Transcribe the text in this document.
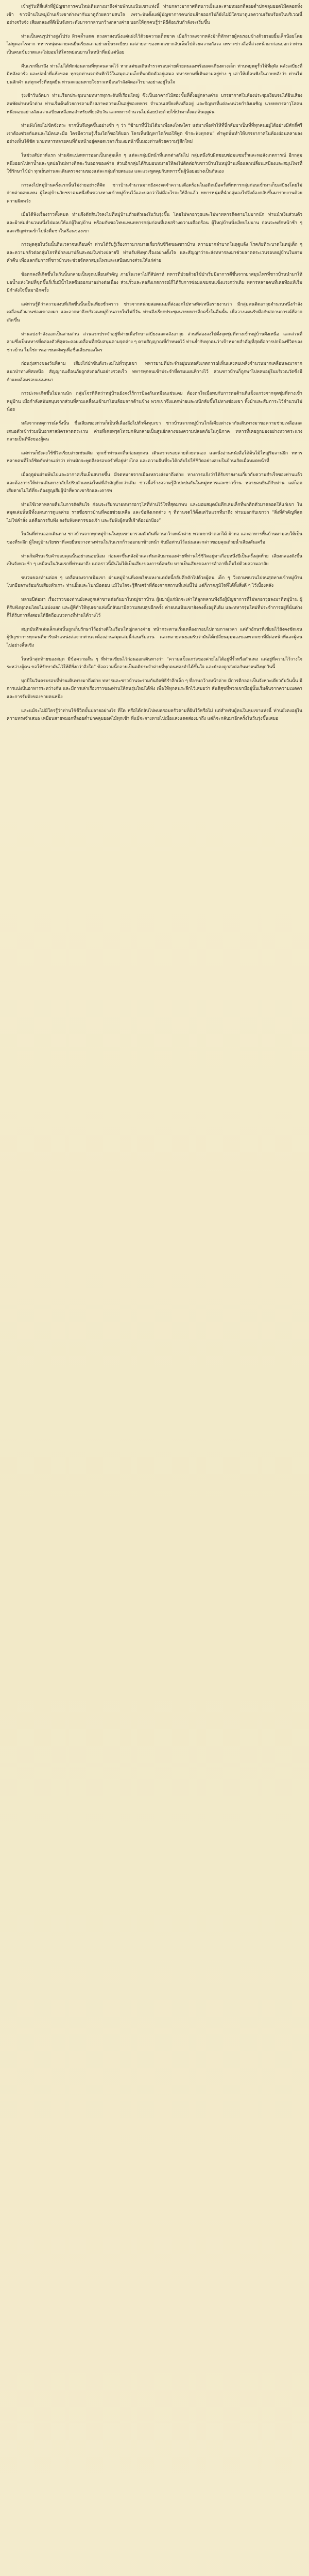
เข้าสู่วันที่สี่แล้วที่ผู้บัญชาการคนใหม่เดินทางมาถึงค่ายพักบนเนินเขาแห่งนี้ ท่ามกลางอากาศที่หนาวเย็นและสายหมอกที่ลอยต่ำปกคลุมยอดไม้ตลอดทั้งเช้า ชาวบ้านในหมู่บ้านเชิงเขาต่างพากันมาดูด้วยความสนใจ เพราะนับตั้งแต่ผู้บัญชาการคนก่อนย้ายออกไปก็ยังไม่มีใครมาดูแลความเรียบร้อยในบริเวณนี้อย่างจริงจัง เสียงกลองที่ตีเป็นจังหวะดังมาจากลานกว้างกลางค่าย บอกให้ทุกคนรู้ว่าพิธีต้อนรับกำลังจะเริ่มขึ้น

ท่านเป็นคนรูปร่างสูงโปร่ง ผิวคล้ำแดด ดวงตาสงบนิ่งแต่แฝงไว้ด้วยความเด็ดขาด เมื่อก้าวลงจากหลังม้าก็ทักทายผู้คนรอบข้างด้วยรอยยิ้มเล็กน้อยโดยไม่พูดอะไรมาก ทหารหนุ่มหลายคนยืนเรียงแถวอย่างเป็นระเบียบ แต่สายตาของพวกเขากลับเต็มไปด้วยความกังวล เพราะข่าวลือที่ล่วงหน้ามาก่อนบอกว่าท่านเป็นคนเข้มงวดและไม่ยอมให้ใครหย่อนยานในหน้าที่แม้แต่น้อย

คืนแรกที่มาถึง ท่านไม่ได้พักผ่อนตามที่ทุกคนคาดไว้ หากแต่ขอเดินสำรวจรอบค่ายด้วยตนเองพร้อมตะเกียงดวงเล็ก ท่านหยุดดูรั้วไม้ที่ผุพัง คลังเสบียงที่มีหลังคารั่ว และบ่อน้ำที่แห้งขอด ทุกจุดท่านจดบันทึกไว้ในสมุดเล่มเล็กที่พกติดตัวอยู่เสมอ ทหารยามที่เดินตามอยู่ห่าง ๆ เล่าให้เพื่อนฟังในภายหลังว่า ท่านไม่บ่นสักคำ แต่ทุกครั้งที่หยุดยืน ท่านจะถอนหายใจยาวเหมือนกำลังคิดอะไรบางอย่างอยู่ในใจ

รุ่งเช้าวันถัดมา ท่านเรียกประชุมนายทหารทุกระดับที่เรือนใหญ่ ซึ่งเป็นอาคารไม้สองชั้นที่ตั้งอยู่กลางค่าย บรรยากาศในห้องประชุมเงียบจนได้ยินเสียงลมพัดผ่านหน้าต่าง ท่านเริ่มต้นด้วยการถามถึงสภาพความเป็นอยู่ของทหาร จำนวนเสบียงที่เหลืออยู่ และปัญหาที่แต่ละหน่วยกำลังเผชิญ นายทหารอาวุโสคนหนึ่งตอบอย่างลังเลว่าเสบียงเหลือพอสำหรับเพียงสิบวัน และทหารจำนวนไม่น้อยป่วยด้วยไข้ป่ามาตั้งแต่ต้นฤดูฝน

ท่านฟังโดยไม่ขัดจังหวะ จากนั้นจึงพูดขึ้นอย่างช้า ๆ ว่า “ข้ามาที่นี่ไม่ได้มาเพื่อลงโทษใคร แต่มาเพื่อทำให้ที่นี่กลับมาเป็นที่ที่ทุกคนอยู่ได้อย่างมีศักดิ์ศรี เราต้องช่วยกันคนละไม้คนละมือ ใครมีความรู้เรื่องใดก็ขอให้บอก ใครเห็นปัญหาใดก็ขอให้พูด ข้าจะฟังทุกคน” คำพูดนั้นทำให้บรรยากาศในห้องผ่อนคลายลงอย่างเห็นได้ชัด นายทหารหลายคนที่ก้มหน้าอยู่ตลอดเวลาเริ่มเงยหน้าขึ้นมองท่านด้วยความรู้สึกใหม่

ในช่วงสัปดาห์แรก ท่านจัดแบ่งทหารออกเป็นกลุ่มเล็ก ๆ แต่ละกลุ่มมีหน้าที่แตกต่างกันไป กลุ่มหนึ่งรับผิดชอบซ่อมแซมรั้วและหอสังเกตการณ์ อีกกลุ่มหนึ่งออกไปหาน้ำและขุดบ่อใหม่ทางทิศตะวันออกของค่าย ส่วนอีกกลุ่มได้รับมอบหมายให้ลงไปติดต่อกับชาวบ้านในหมู่บ้านเพื่อแลกเปลี่ยนเสบียงและสมุนไพรที่ใช้รักษาไข้ป่า ทุกเย็นท่านจะเดินตรวจงานของแต่ละกลุ่มด้วยตนเอง และแวะพูดคุยกับทหารชั้นผู้น้อยอย่างเป็นกันเอง

การลงไปหมู่บ้านครั้งแรกนั้นไม่ง่ายอย่างที่คิด ชาวบ้านจำนวนมากยังคงจดจำความเดือดร้อนในอดีตเมื่อครั้งที่ทหารกลุ่มก่อนเข้ามาเก็บเสบียงโดยไม่จ่ายค่าตอบแทน ผู้ใหญ่บ้านวัยชราคนหนึ่งยืนขวางทางเข้าหมู่บ้านไว้และบอกว่าไม่มีอะไรจะให้อีกแล้ว ทหารหนุ่มที่นำกลุ่มลงไปจึงต้องกลับขึ้นมารายงานด้วยความผิดหวัง

เมื่อได้ฟังเรื่องราวทั้งหมด ท่านจึงตัดสินใจลงไปที่หมู่บ้านด้วยตัวเองในวันรุ่งขึ้น โดยไม่พกอาวุธและไม่พาทหารติดตามไปมากนัก ท่านนำเงินส่วนตัวและผ้าห่มจำนวนหนึ่งไปมอบให้แก่ผู้ใหญ่บ้าน พร้อมกับขอโทษแทนทหารกลุ่มก่อนที่เคยสร้างความเดือดร้อน ผู้ใหญ่บ้านนิ่งเงียบไปนาน ก่อนจะพยักหน้าช้า ๆ และเชิญท่านเข้าไปนั่งดื่มชาในเรือนของเขา

การพูดคุยในวันนั้นกินเวลาจนเกือบค่ำ ท่านได้รับรู้เรื่องราวมากมายเกี่ยวกับชีวิตของชาวบ้าน ความยากลำบากในฤดูแล้ง โรคภัยที่ระบาดในหมู่เด็ก ๆ และความกลัวต่อกลุ่มโจรที่มักลงมาปล้นสะดมในช่วงปลายปี ท่านรับฟังทุกเรื่องอย่างตั้งใจ และสัญญาว่าจะส่งทหารลงมาช่วยลาดตระเวนรอบหมู่บ้านในยามค่ำคืน เพื่อแลกกับการที่ชาวบ้านจะช่วยจัดหาสมุนไพรและเสบียงบางส่วนให้แก่ค่าย

ข้อตกลงที่เกิดขึ้นในวันนั้นกลายเป็นจุดเปลี่ยนสำคัญ ภายในเวลาไม่กี่สัปดาห์ ทหารที่ป่วยด้วยไข้ป่าเริ่มมีอาการดีขึ้นจากยาสมุนไพรที่ชาวบ้านนำมาให้ บ่อน้ำแห่งใหม่ที่ขุดขึ้นก็เริ่มมีน้ำไหลซึมออกมาอย่างต่อเนื่อง ส่วนรั้วและหอสังเกตการณ์ก็ได้รับการซ่อมแซมจนแข็งแรงกว่าเดิม ทหารหลายคนที่เคยท้อแท้เริ่มมีกำลังใจขึ้นมาอีกครั้ง

แต่ท่านรู้ดีว่าความสงบที่เกิดขึ้นนั้นเป็นเพียงชั่วคราว ข่าวจากหน่วยสอดแนมที่ส่งออกไปทางทิศเหนือรายงานว่า มีกลุ่มคนติดอาวุธจำนวนหนึ่งกำลังเคลื่อนตัวผ่านช่องเขาลงมา และอาจมาถึงบริเวณหมู่บ้านภายในไม่กี่วัน ท่านจึงเรียกประชุมนายทหารอีกครั้งในคืนนั้น เพื่อวางแผนรับมือกับสถานการณ์ที่อาจเกิดขึ้น

ท่านแบ่งกำลังออกเป็นสามส่วน ส่วนแรกประจำอยู่ที่ค่ายเพื่อรักษาเสบียงและคลังอาวุธ ส่วนที่สองลงไปตั้งจุดซุ่มที่ทางเข้าหมู่บ้านฝั่งเหนือ และส่วนที่สามซึ่งเป็นทหารที่คล่องตัวที่สุดจะคอยเคลื่อนที่สนับสนุนตามจุดต่าง ๆ ตามสัญญาณที่กำหนดไว้ ท่านย้ำกับทุกคนว่าเป้าหมายสำคัญที่สุดคือการปกป้องชีวิตของชาวบ้าน ไม่ใช่การเอาชนะศัตรูเพื่อชื่อเสียงของใคร

ก่อนรุ่งสางของวันที่สาม เสียงไก่ป่าขันดังระงมไปทั่วหุบเขา ทหารยามที่ประจำอยู่บนหอสังเกตการณ์เห็นแสงคบเพลิงจำนวนมากเคลื่อนลงมาจากแนวป่าทางทิศเหนือ สัญญาณเตือนภัยถูกส่งต่อกันอย่างรวดเร็ว ทหารทุกคนเข้าประจำที่ตามแผนที่วางไว้ ส่วนชาวบ้านก็ถูกพาไปหลบอยู่ในบริเวณวัดซึ่งมีกำแพงล้อมรอบแน่นหนา

การปะทะเกิดขึ้นไม่นานนัก กลุ่มโจรที่คิดว่าหมู่บ้านยังคงไร้การป้องกันเหมือนเช่นเคย ต้องตกใจเมื่อพบกับการต่อต้านที่แข็งแกร่งจากจุดซุ่มที่ทางเข้าหมู่บ้าน เมื่อกำลังสนับสนุนจากส่วนที่สามเคลื่อนเข้ามาโอบล้อมจากด้านข้าง พวกเขาจึงแตกพ่ายและหนีกลับขึ้นไปทางช่องเขา ทิ้งม้าและสัมภาระไว้จำนวนไม่น้อย

หลังจากเหตุการณ์ครั้งนั้น ชื่อเสียงของท่านก็เป็นที่เลื่องลือไปทั่วทั้งหุบเขา ชาวบ้านจากหมู่บ้านใกล้เคียงต่างพากันเดินทางมาขอความช่วยเหลือและเสนอตัวเข้าร่วมเป็นอาสาสมัครลาดตระเวน ค่ายที่เคยทรุดโทรมกลับกลายเป็นศูนย์กลางของความปลอดภัยในภูมิภาค ทหารที่เคยถูกมองอย่างหวาดระแวงกลายเป็นที่พึ่งของผู้คน

แต่ท่านก็ยังคงใช้ชีวิตเรียบง่ายเช่นเดิม ทุกเช้าท่านจะตื่นก่อนทุกคน เดินตรวจรอบค่ายด้วยตนเอง และนั่งอ่านหนังสือใต้ต้นไม้ใหญ่ริมลานฝึก ทหารหลายคนที่ใกล้ชิดกับท่านเล่าว่า ท่านมักจะพูดถึงครอบครัวที่อยู่ห่างไกล และความฝันที่จะได้กลับไปใช้ชีวิตอย่างสงบในบ้านเกิดเมื่อหมดหน้าที่

เมื่อฤดูฝนผ่านพ้นไปและอากาศเริ่มเย็นสบายขึ้น มีจดหมายจากเมืองหลวงส่งมาถึงค่าย ทางการแจ้งว่าได้รับรายงานเกี่ยวกับความสำเร็จของท่านแล้ว และต้องการให้ท่านเดินทางกลับไปรับตำแหน่งใหม่ที่สำคัญยิ่งกว่าเดิม ข่าวนี้สร้างความรู้สึกปะปนกันในหมู่ทหารและชาวบ้าน หลายคนยินดีกับท่าน แต่ก็อดเสียดายไม่ได้ที่จะต้องสูญเสียผู้นำที่พวกเขารักและเคารพ

ท่านใช้เวลาหลายคืนในการตัดสินใจ ก่อนจะเรียกนายทหารอาวุโสที่ท่านไว้ใจที่สุดมาพบ และมอบสมุดบันทึกเล่มเล็กที่พกติดตัวมาตลอดให้แก่เขา ในสมุดเล่มนั้นมีทั้งแผนการดูแลค่าย รายชื่อชาวบ้านที่คอยช่วยเหลือ และข้อสังเกตต่าง ๆ ที่ท่านจดไว้ตั้งแต่วันแรกที่มาถึง ท่านบอกกับเขาว่า “สิ่งที่สำคัญที่สุดไม่ใช่คำสั่ง แต่คือการรับฟัง จงรับฟังทหารของเจ้า และรับฟังผู้คนที่เจ้าต้องปกป้อง”

ในวันที่ท่านออกเดินทาง ชาวบ้านจากทุกหมู่บ้านในหุบเขามารวมตัวกันที่ลานกว้างหน้าค่าย พวกเขานำดอกไม้ ผ้าทอ และอาหารพื้นบ้านมามอบให้เป็นของที่ระลึก ผู้ใหญ่บ้านวัยชราที่เคยยืนขวางทางท่านในวันแรกก้าวออกมาข้างหน้า จับมือท่านไว้แน่นและกล่าวขอบคุณด้วยน้ำเสียงสั่นเครือ

ท่านก้มศีรษะรับคำขอบคุณนั้นอย่างนอบน้อม ก่อนจะขึ้นหลังม้าและหันกลับมามองค่ายที่ท่านใช้ชีวิตอยู่มาเกือบหนึ่งปีเป็นครั้งสุดท้าย เสียงกลองดังขึ้นเป็นจังหวะช้า ๆ เหมือนในวันแรกที่ท่านมาถึง แต่คราวนี้มันไม่ได้เป็นเสียงของการต้อนรับ หากเป็นเสียงของการอำลาที่เต็มไปด้วยความอาลัย

ขบวนของท่านค่อย ๆ เคลื่อนลงจากเนินเขา ผ่านหมู่บ้านที่เคยเงียบเหงาแต่บัดนี้กลับคึกคักไปด้วยผู้คน เด็ก ๆ วิ่งตามขบวนไปจนสุดทางเข้าหมู่บ้าน โบกมือลาพร้อมกับเสียงหัวเราะ ท่านยิ้มและโบกมือตอบ แม้ในใจจะรู้สึกเศร้าที่ต้องจากสถานที่แห่งนี้ไป แต่ก็ภาคภูมิใจที่ได้ทิ้งสิ่งดี ๆ ไว้เบื้องหลัง

หลายปีต่อมา เรื่องราวของท่านยังคงถูกเล่าขานต่อกันมาในหมู่ชาวบ้าน ผู้เฒ่าผู้แก่มักจะเล่าให้ลูกหลานฟังถึงผู้บัญชาการที่ไม่พกอาวุธลงมาที่หมู่บ้าน ผู้ที่รับฟังทุกคนโดยไม่แบ่งแยก และผู้ที่ทำให้หุบเขาแห่งนี้กลับมามีความสงบสุขอีกครั้ง ค่ายบนเนินเขายังคงตั้งอยู่ที่เดิม และทหารรุ่นใหม่ที่ประจำการอยู่ที่นั่นต่างก็ได้รับการสั่งสอนให้ยึดถือแนวทางที่ท่านได้วางไว้

สมุดบันทึกเล่มเล็กเล่มนั้นถูกเก็บรักษาไว้อย่างดีในเรือนใหญ่กลางค่าย หน้ากระดาษเริ่มเหลืองกรอบไปตามกาลเวลา แต่ตัวอักษรที่เขียนไว้ยังคงชัดเจน ผู้บัญชาการทุกคนที่มารับตำแหน่งต่อจากท่านจะต้องอ่านสมุดเล่มนี้ก่อนเริ่มงาน และหลายคนยอมรับว่ามันได้เปลี่ยนมุมมองของพวกเขาที่มีต่อหน้าที่และผู้คนไปอย่างสิ้นเชิง

ในหน้าสุดท้ายของสมุด มีข้อความสั้น ๆ ที่ท่านเขียนไว้ก่อนออกเดินทางว่า “ความแข็งแกร่งของค่ายไม่ได้อยู่ที่รั้วหรือกำแพง แต่อยู่ที่ความไว้วางใจระหว่างผู้คน ขอให้รักษามันไว้ให้ดียิ่งกว่าสิ่งใด” ข้อความนี้กลายเป็นคติประจำค่ายที่ทุกคนท่องจำได้ขึ้นใจ และยังคงถูกส่งต่อกันมาจนถึงทุกวันนี้

ทุกปีในวันครบรอบที่ท่านเดินทางมาถึงค่าย ทหารและชาวบ้านจะร่วมกันจัดพิธีรำลึกเล็ก ๆ ที่ลานกว้างหน้าค่าย มีการตีกลองเป็นจังหวะเดียวกับวันนั้น มีการแบ่งปันอาหารระหว่างกัน และมีการเล่าเรื่องราวของท่านให้คนรุ่นใหม่ได้ฟัง เพื่อให้ทุกคนระลึกไว้เสมอว่า สันติสุขที่พวกเขามีอยู่นั้นเริ่มต้นจากความเมตตาและการรับฟังของชายคนหนึ่ง

และแม้จะไม่มีใครรู้ว่าท่านใช้ชีวิตบั้นปลายอย่างไร ที่ใด หรือได้กลับไปพบครอบครัวตามที่ฝันไว้หรือไม่ แต่สำหรับผู้คนในหุบเขาแห่งนี้ ท่านยังคงอยู่ในความทรงจำเสมอ เหมือนสายหมอกที่ลอยต่ำปกคลุมยอดไม้ทุกเช้า ที่แม้จะจางหายไปเมื่อแสงแดดส่องมาถึง แต่ก็จะกลับมาอีกครั้งในวันรุ่งขึ้นเสมอ
